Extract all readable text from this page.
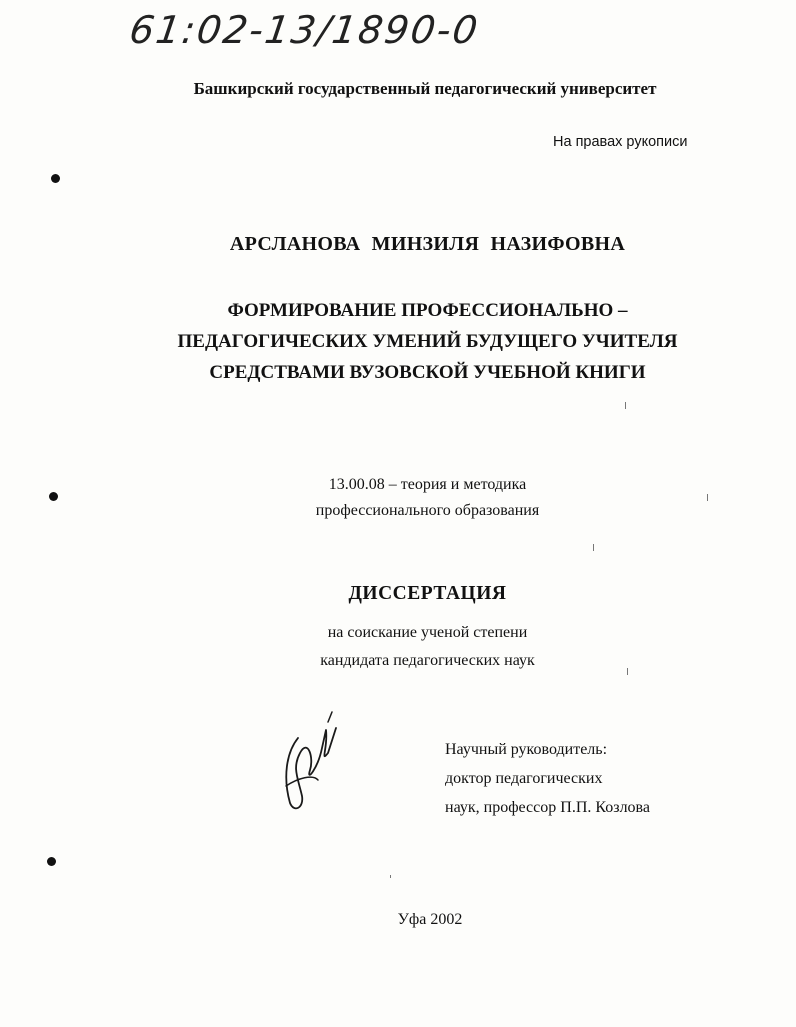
61:02-13/1890-0
Башкирский государственный педагогический университет
На правах рукописи
АРСЛАНОВА МИНЗИЛЯ НАЗИФОВНА
ФОРМИРОВАНИЕ ПРОФЕССИОНАЛЬНО –
ПЕДАГОГИЧЕСКИХ УМЕНИЙ БУДУЩЕГО УЧИТЕЛЯ
СРЕДСТВАМИ ВУЗОВСКОЙ УЧЕБНОЙ КНИГИ
13.00.08 – теория и методика
профессионального образования
ДИССЕРТАЦИЯ
на соискание ученой степени
кандидата педагогических наук
Научный руководитель:
доктор педагогических
наук, профессор П.П. Козлова
Уфа 2002
